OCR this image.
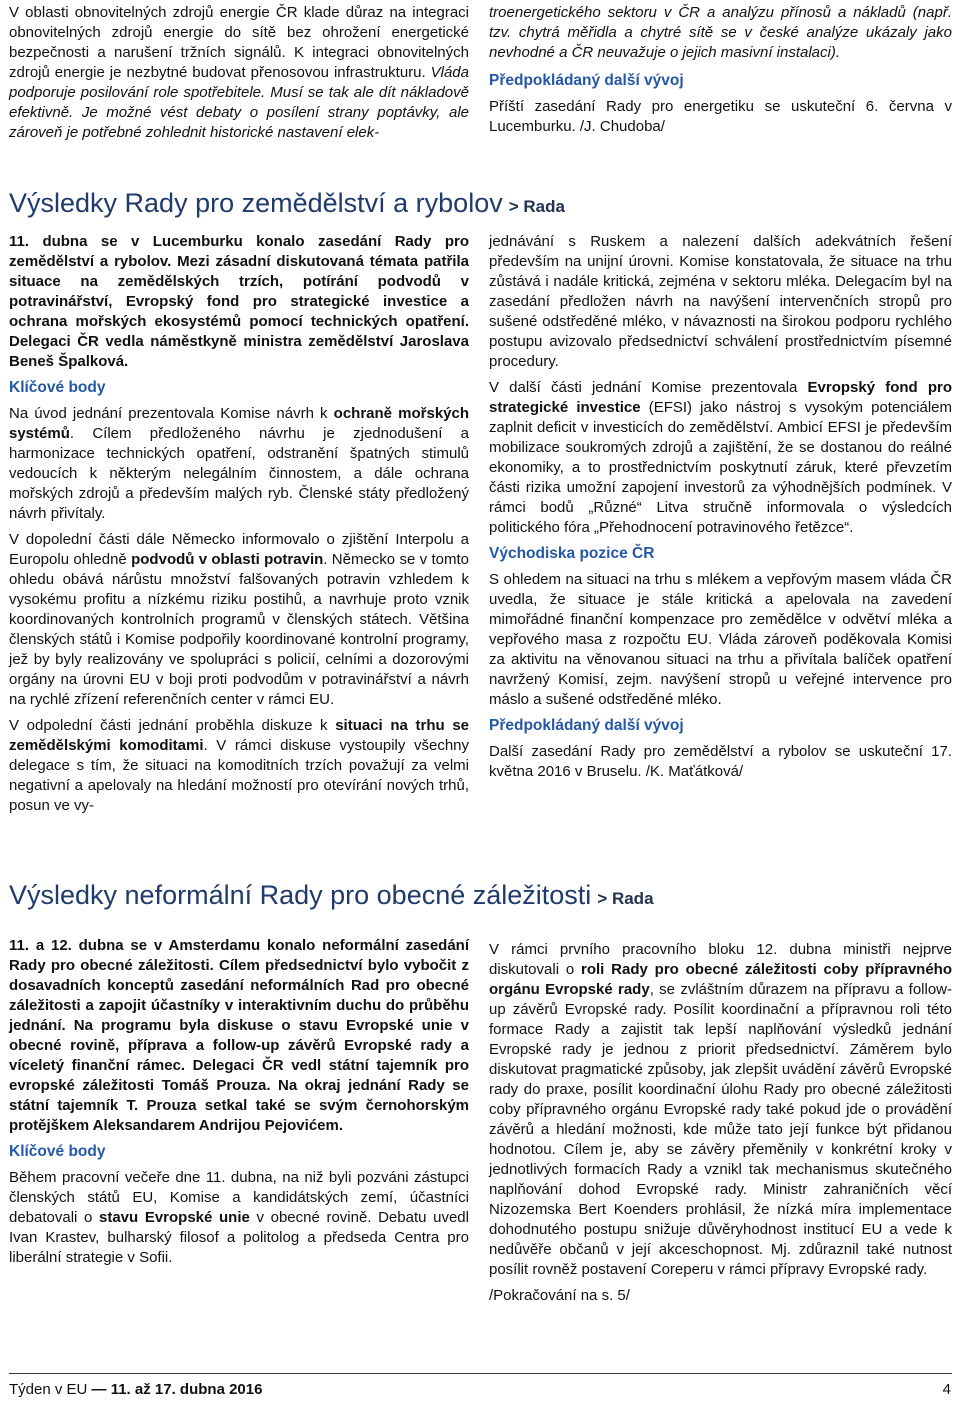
V oblasti obnovitelných zdrojů energie ČR klade důraz na integraci obnovitelných zdrojů energie do sítě bez ohrožení energetické bezpečnosti a narušení tržních signálů. K integraci obnovitelných zdrojů energie je nezbytné budovat přenosovou infrastrukturu. Vláda podporuje posilování role spotřebitele. Musí se tak ale dít nákladově efektivně. Je možné vést debaty o posílení strany poptávky, ale zároveň je potřebné zohlednit historické nastavení elek-

troenergetického sektoru v ČR a analýzu přínosů a nákladů (např. tzv. chytrá měřidla a chytré sítě se v české analýze ukázaly jako nevhodné a ČR neuvažuje o jejich masivní instalaci).

Předpokládaný další vývoj

Příští zasedání Rady pro energetiku se uskuteční 6. června v Lucemburku. /J. Chudoba/

Výsledky Rady pro zemědělství a rybolov > Rada

11. dubna se v Lucemburku konalo zasedání Rady pro zemědělství a rybolov. Mezi zásadní diskutovaná témata patřila situace na zemědělských trzích, potírání podvodů v potravinářství, Evropský fond pro strategické investice a ochrana mořských ekosystémů pomocí technických opatření. Delegaci ČR vedla náměstkyně ministra zemědělství Jaroslava Beneš Špalková.

Klíčové body

Na úvod jednání prezentovala Komise návrh k ochraně mořských systémů. Cílem předloženého návrhu je zjednodušení a harmonizace technických opatření, odstranění špatných stimulů vedoucích k některým nelegálním činnostem, a dále ochrana mořských zdrojů a především malých ryb. Členské státy předložený návrh přivítaly.

V dopolední části dále Německo informovalo o zjištění Interpolu a Europolu ohledně podvodů v oblasti potravin. Německo se v tomto ohledu obává nárůstu množství falšovaných potravin vzhledem k vysokému profitu a nízkému riziku postihů, a navrhuje proto vznik koordinovaných kontrolních programů v členských státech. Většina členských států i Komise podpořily koordinované kontrolní programy, jež by byly realizovány ve spolupráci s policií, celními a dozorovými orgány na úrovni EU v boji proti podvodům v potravinářství a návrh na rychlé zřízení referenčních center v rámci EU.

V odpolední části jednání proběhla diskuze k situaci na trhu se zemědělskými komoditami. V rámci diskuse vystoupily všechny delegace s tím, že situaci na komoditních trzích považují za velmi negativní a apelovaly na hledání možností pro otevírání nových trhů, posun ve vy-

jednávání s Ruskem a nalezení dalších adekvátních řešení především na unijní úrovni. Komise konstatovala, že situace na trhu zůstává i nadále kritická, zejména v sektoru mléka. Delegacím byl na zasedání předložen návrh na navýšení intervenčních stropů pro sušené odstředěné mléko, v návaznosti na širokou podporu rychlého postupu avizovalo předsednictví schválení prostřednictvím písemné procedury.

V další části jednání Komise prezentovala Evropský fond pro strategické investice (EFSI) jako nástroj s vysokým potenciálem zaplnit deficit v investicích do zemědělství. Ambicí EFSI je především mobilizace soukromých zdrojů a zajištění, že se dostanou do reálné ekonomiky, a to prostřednictvím poskytnutí záruk, které převzetím části rizika umožní zapojení investorů za výhodnějších podmínek. V rámci bodů „Různé“ Litva stručně informovala o výsledcích politického fóra „Přehodnocení potravinového řetězce“.

Východiska pozice ČR

S ohledem na situaci na trhu s mlékem a vepřovým masem vláda ČR uvedla, že situace je stále kritická a apelovala na zavedení mimořádné finanční kompenzace pro zemědělce v odvětví mléka a vepřového masa z rozpočtu EU. Vláda zároveň poděkovala Komisi za aktivitu na věnovanou situaci na trhu a přivítala balíček opatření navržený Komisí, zejm. navýšení stropů u veřejné intervence pro máslo a sušené odstředěné mléko.

Předpokládaný další vývoj

Další zasedání Rady pro zemědělství a rybolov se uskuteční 17. května 2016 v Bruselu. /K. Maťátková/

Výsledky neformální Rady pro obecné záležitosti > Rada

11. a 12. dubna se v Amsterdamu konalo neformální zasedání Rady pro obecné záležitosti. Cílem předsednictví bylo vybočit z dosavadních konceptů zasedání neformálních Rad pro obecné záležitosti a zapojit účastníky v interaktivním duchu do průběhu jednání. Na programu byla diskuse o stavu Evropské unie v obecné rovině, příprava a follow-up závěrů Evropské rady a víceletý finanční rámec. Delegaci ČR vedl státní tajemník pro evropské záležitosti Tomáš Prouza. Na okraj jednání Rady se státní tajemník T. Prouza setkal také se svým černohorským protějškem Aleksandarem Andrijou Pejovićem.

Klíčové body

Během pracovní večeře dne 11. dubna, na niž byli pozváni zástupci členských států EU, Komise a kandidátských zemí, účastníci debatovali o stavu Evropské unie v obecné rovině. Debatu uvedl Ivan Krastev, bulharský filosof a politolog a předseda Centra pro liberální strategie v Sofii.

V rámci prvního pracovního bloku 12. dubna ministři nejprve diskutovali o roli Rady pro obecné záležitosti coby přípravného orgánu Evropské rady, se zvláštním důrazem na přípravu a follow-up závěrů Evropské rady. Posílit koordinační a přípravnou roli této formace Rady a zajistit tak lepší naplňování výsledků jednání Evropské rady je jednou z priorit předsednictví. Záměrem bylo diskutovat pragmatické způsoby, jak zlepšit uvádění závěrů Evropské rady do praxe, posílit koordinační úlohu Rady pro obecné záležitosti coby přípravného orgánu Evropské rady také pokud jde o provádění závěrů a hledání možnosti, kde může tato její funkce být přidanou hodnotou. Cílem je, aby se závěry přeměnily v konkrétní kroky v jednotlivých formacích Rady a vznikl tak mechanismus skutečného naplňování dohod Evropské rady. Ministr zahraničních věcí Nizozemska Bert Koenders prohlásil, že nízká míra implementace dohodnutého postupu snižuje důvěryhodnost institucí EU a vede k nedůvěře občanů v její akceschopnost. Mj. zdůraznil také nutnost posílit rovněž postavení Coreperu v rámci přípravy Evropské rady.

/Pokračování na s. 5/

Týden v EU — 11. až 17. dubna 2016	4
